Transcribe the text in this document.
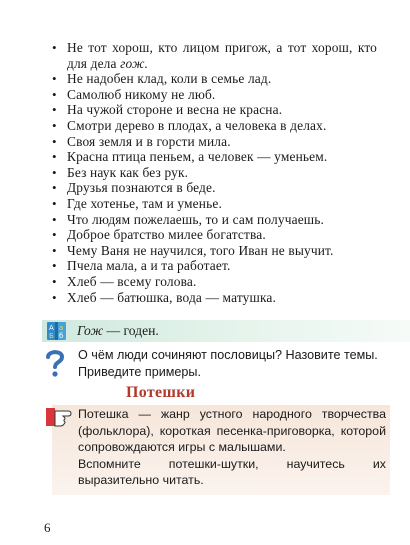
• Не тот хорош, кто лицом пригож, а тот хорош, кто для дела гож.
• Не надобен клад, коли в семье лад.
• Самолюб никому не люб.
• На чужой стороне и весна не красна.
• Смотри дерево в плодах, а человека в делах.
• Своя земля и в горсти мила.
• Красна птица пеньем, а человек — уменьем.
• Без наук как без рук.
• Друзья познаются в беде.
• Где хотенье, там и уменье.
• Что людям пожелаешь, то и сам получаешь.
• Доброе братство милее богатства.
• Чему Ваня не научился, того Иван не выучит.
• Пчела мала, а и та работает.
• Хлеб — всему голова.
• Хлеб — батюшка, вода — матушка.
А а
Б б Гож — годен.
О чём люди сочиняют пословицы? Назовите темы. Приведите примеры.
Потешки

Потешка — жанр устного народного творчества (фольклора), короткая песенка-приговорка, которой сопровождаются игры с малышами.

Вспомните потешки-шутки, научитесь их выразительно читать.

6
